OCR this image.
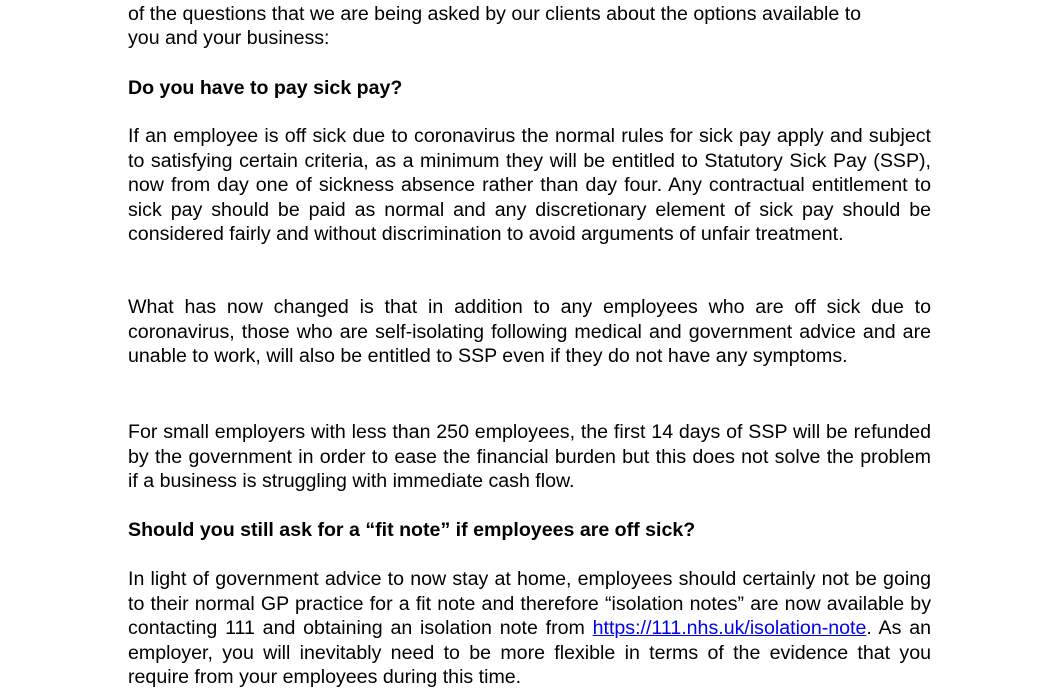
of the questions that we are being asked by our clients about the options available to

you and your business:

Do you have to pay sick pay?

If an employee is off sick due to coronavirus the normal rules for sick pay apply and subject to satisfying certain criteria, as a minimum they will be entitled to Statutory Sick Pay (SSP), now from day one of sickness absence rather than day four. Any contractual entitlement to sick pay should be paid as normal and any discretionary element of sick pay should be considered fairly and without discrimination to avoid arguments of unfair treatment.

What has now changed is that in addition to any employees who are off sick due to coronavirus, those who are self-isolating following medical and government advice and are unable to work, will also be entitled to SSP even if they do not have any symptoms.

For small employers with less than 250 employees, the first 14 days of SSP will be refunded by the government in order to ease the financial burden but this does not solve the problem if a business is struggling with immediate cash flow.

Should you still ask for a “fit note” if employees are off sick?

In light of government advice to now stay at home, employees should certainly not be going to their normal GP practice for a fit note and therefore “isolation notes” are now available by contacting 111 and obtaining an isolation note from https://111.nhs.uk/isolation-note. As an employer, you will inevitably need to be more flexible in terms of the evidence that you require from your employees during this time.
